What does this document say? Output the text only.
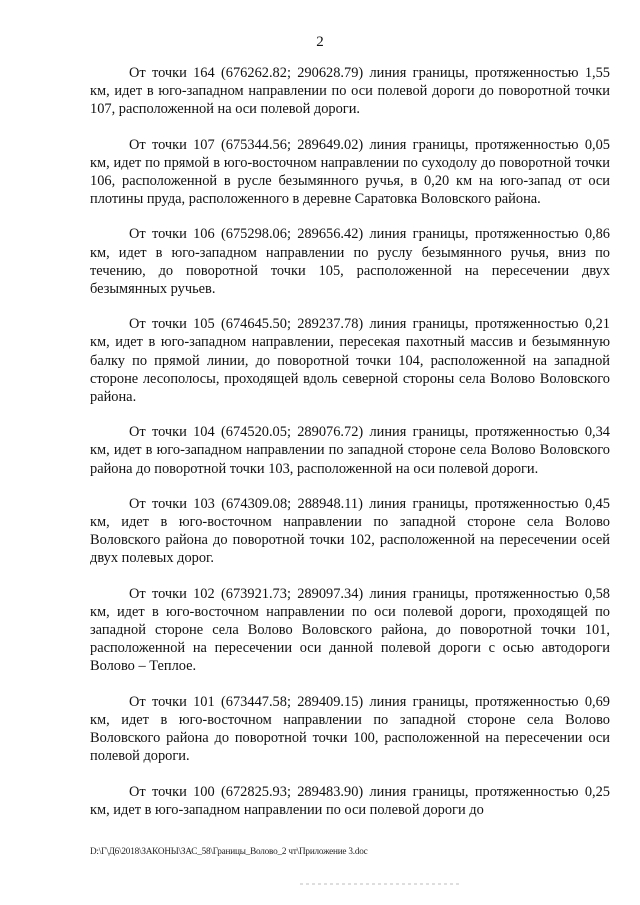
2

От точки 164 (676262.82; 290628.79) линия границы, протяженностью 1,55 км, идет в юго-западном направлении по оси полевой дороги до поворотной точки 107, расположенной на оси полевой дороги.

От точки 107 (675344.56; 289649.02) линия границы, протяженностью 0,05 км, идет по прямой в юго-восточном направлении по суходолу до поворотной точки 106, расположенной в русле безымянного ручья, в 0,20 км на юго-запад от оси плотины пруда, расположенного в деревне Саратовка Воловского района.

От точки 106 (675298.06; 289656.42) линия границы, протяженностью 0,86 км, идет в юго-западном направлении по руслу безымянного ручья, вниз по течению, до поворотной точки 105, расположенной на пересечении двух безымянных ручьев.

От точки 105 (674645.50; 289237.78) линия границы, протяженностью 0,21 км, идет в юго-западном направлении, пересекая пахотный массив и безымянную балку по прямой линии, до поворотной точки 104, расположенной на западной стороне лесополосы, проходящей вдоль северной стороны села Волово Воловского района.

От точки 104 (674520.05; 289076.72) линия границы, протяженностью 0,34 км, идет в юго-западном направлении по западной стороне села Волово Воловского района до поворотной точки 103, расположенной на оси полевой дороги.

От точки 103 (674309.08; 288948.11) линия границы, протяженностью 0,45 км, идет в юго-восточном направлении по западной стороне села Волово Воловского района до поворотной точки 102, расположенной на пересечении осей двух полевых дорог.

От точки 102 (673921.73; 289097.34) линия границы, протяженностью 0,58 км, идет в юго-восточном направлении по оси полевой дороги, проходящей по западной стороне села Волово Воловского района, до поворотной точки 101, расположенной на пересечении оси данной полевой дороги с осью автодороги Волово – Теплое.

От точки 101 (673447.58; 289409.15) линия границы, протяженностью 0,69 км, идет в юго-восточном направлении по западной стороне села Волово Воловского района до поворотной точки 100, расположенной на пересечении оси полевой дороги.

От точки 100 (672825.93; 289483.90) линия границы, протяженностью 0,25 км, идет в юго-западном направлении по оси полевой дороги до

D:\Г\Д6\2018\ЗАКОНЫ\ЗАС_58\Границы_Волово_2 чт\Приложение 3.doc
